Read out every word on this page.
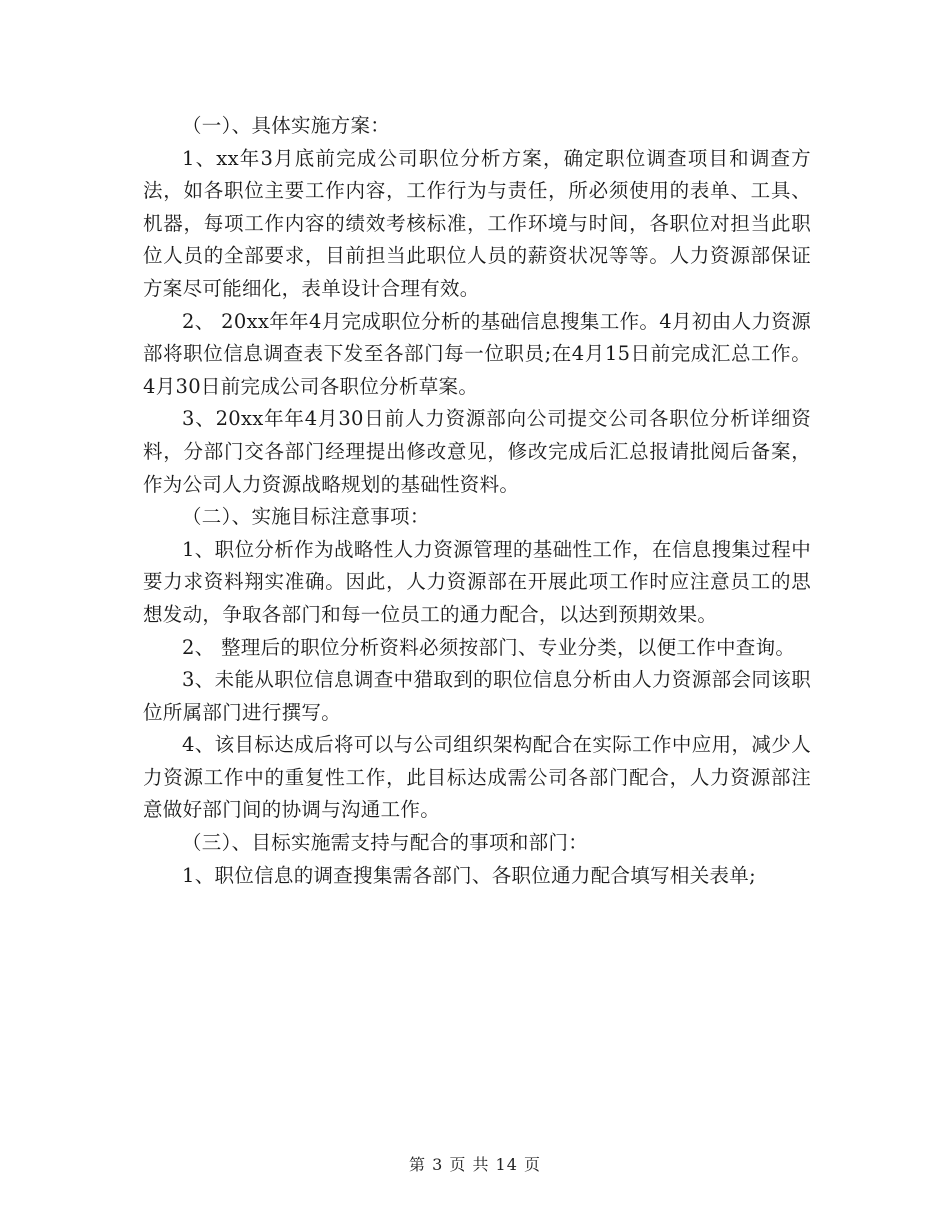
（一）、具体实施方案：

1、xx年3月底前完成公司职位分析方案，确定职位调查项目和调查方法，如各职位主要工作内容，工作行为与责任，所必须使用的表单、工具、机器，每项工作内容的绩效考核标准，工作环境与时间，各职位对担当此职位人员的全部要求，目前担当此职位人员的薪资状况等等。人力资源部保证方案尽可能细化，表单设计合理有效。

2、 20xx年年4月完成职位分析的基础信息搜集工作。4月初由人力资源部将职位信息调查表下发至各部门每一位职员;在4月15日前完成汇总工作。4月30日前完成公司各职位分析草案。

3、20xx年年4月30日前人力资源部向公司提交公司各职位分析详细资料，分部门交各部门经理提出修改意见，修改完成后汇总报请批阅后备案，作为公司人力资源战略规划的基础性资料。

（二）、实施目标注意事项：

1、职位分析作为战略性人力资源管理的基础性工作，在信息搜集过程中要力求资料翔实准确。因此，人力资源部在开展此项工作时应注意员工的思想发动，争取各部门和每一位员工的通力配合，以达到预期效果。

2、 整理后的职位分析资料必须按部门、专业分类，以便工作中查询。

3、未能从职位信息调查中猎取到的职位信息分析由人力资源部会同该职位所属部门进行撰写。

4、该目标达成后将可以与公司组织架构配合在实际工作中应用，减少人力资源工作中的重复性工作，此目标达成需公司各部门配合，人力资源部注意做好部门间的协调与沟通工作。

（三）、目标实施需支持与配合的事项和部门：

1、职位信息的调查搜集需各部门、各职位通力配合填写相关表单;

第 3 页 共 14 页
